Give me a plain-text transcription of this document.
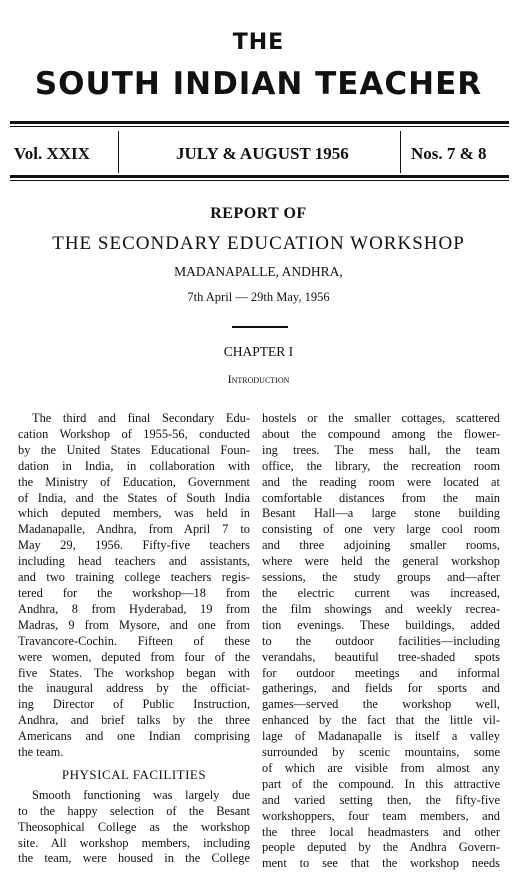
THE
SOUTH INDIAN TEACHER
Vol. XXIX	JULY & AUGUST 1956	Nos. 7 & 8
REPORT OF
THE SECONDARY EDUCATION WORKSHOP
MADANAPALLE, ANDHRA,
7th April — 29th May, 1956
CHAPTER I
Introduction
The third and final Secondary Edu-
cation Workshop of 1955-56, conducted
by the United States Educational Foun-
dation in India, in collaboration with
the Ministry of Education, Government
of India, and the States of South India
which deputed members, was held in
Madanapalle, Andhra, from April 7 to
May 29, 1956. Fifty-five teachers
including head teachers and assistants,
and two training college teachers regis-
tered for the workshop—18 from
Andhra, 8 from Hyderabad, 19 from
Madras, 9 from Mysore, and one from
Travancore-Cochin. Fifteen of these
were women, deputed from four of the
five States. The workshop began with
the inaugural address by the officiat-
ing Director of Public Instruction,
Andhra, and brief talks by the three
Americans and one Indian comprising
the team.
PHYSICAL FACILITIES
Smooth functioning was largely due
to the happy selection of the Besant
Theosophical College as the workshop
site. All workshop members, including
the team, were housed in the College
hostels or the smaller cottages, scattered
about the compound among the flower-
ing trees. The mess hall, the team
office, the library, the recreation room
and the reading room were located at
comfortable distances from the main
Besant Hall—a large stone building
consisting of one very large cool room
and three adjoining smaller rooms,
where were held the general workshop
sessions, the study groups and—after
the electric current was increased,
the film showings and weekly recrea-
tion evenings. These buildings, added
to the outdoor facilities—including
verandahs, beautiful tree-shaded spots
for outdoor meetings and informal
gatherings, and fields for sports and
games—served the workshop well,
enhanced by the fact that the little vil-
lage of Madanapalle is itself a valley
surrounded by scenic mountains, some
of which are visible from almost any
part of the compound. In this attractive
and varied setting then, the fifty-five
workshoppers, four team members, and
the three local headmasters and other
people deputed by the Andhra Govern-
ment to see that the workshop needs
